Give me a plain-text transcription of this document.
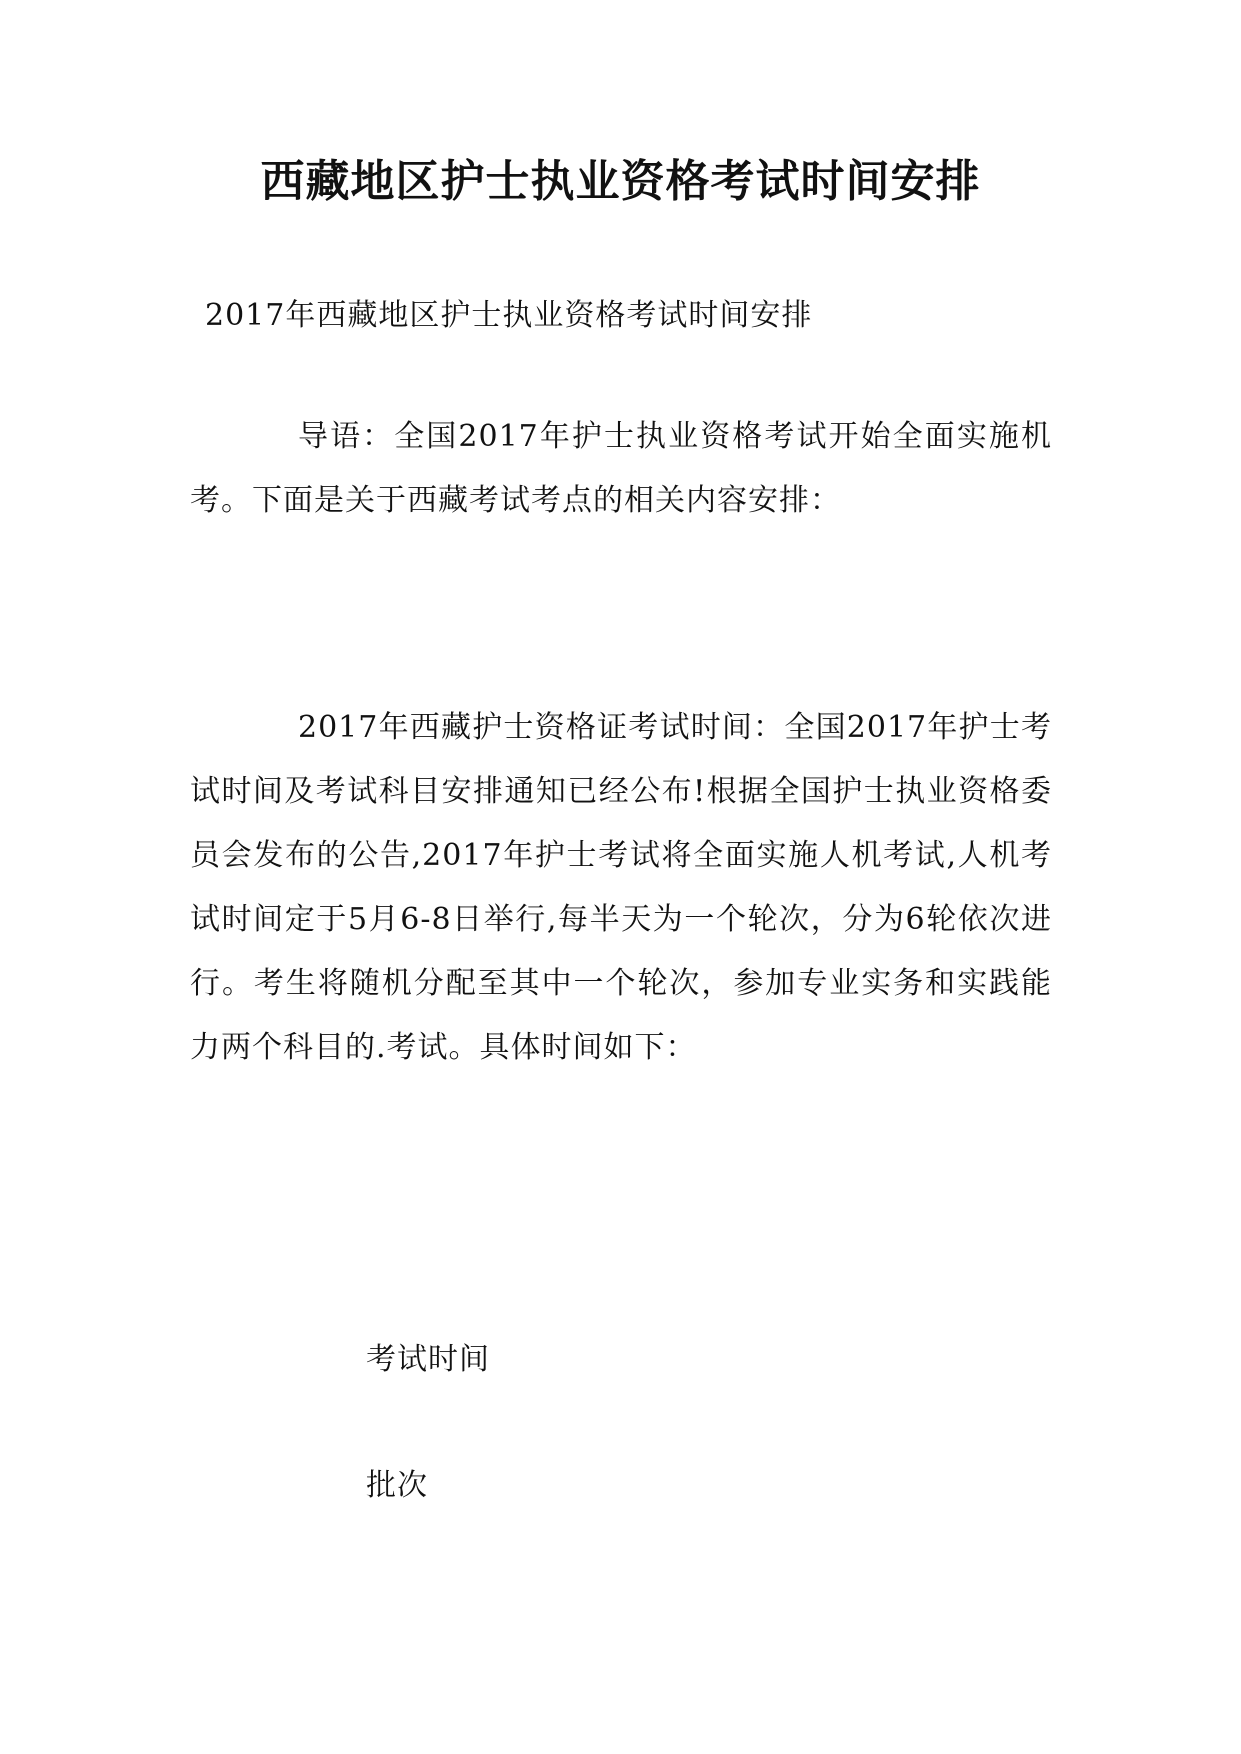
西藏地区护士执业资格考试时间安排

2017年西藏地区护士执业资格考试时间安排

导语：全国2017年护士执业资格考试开始全面实施机考。下面是关于西藏考试考点的相关内容安排：

2017年西藏护士资格证考试时间：全国2017年护士考试时间及考试科目安排通知已经公布!根据全国护士执业资格委员会发布的公告,2017年护士考试将全面实施人机考试,人机考试时间定于5月6-8日举行,每半天为一个轮次，分为6轮依次进行。考生将随机分配至其中一个轮次，参加专业实务和实践能力两个科目的.考试。具体时间如下：

考试时间

批次
